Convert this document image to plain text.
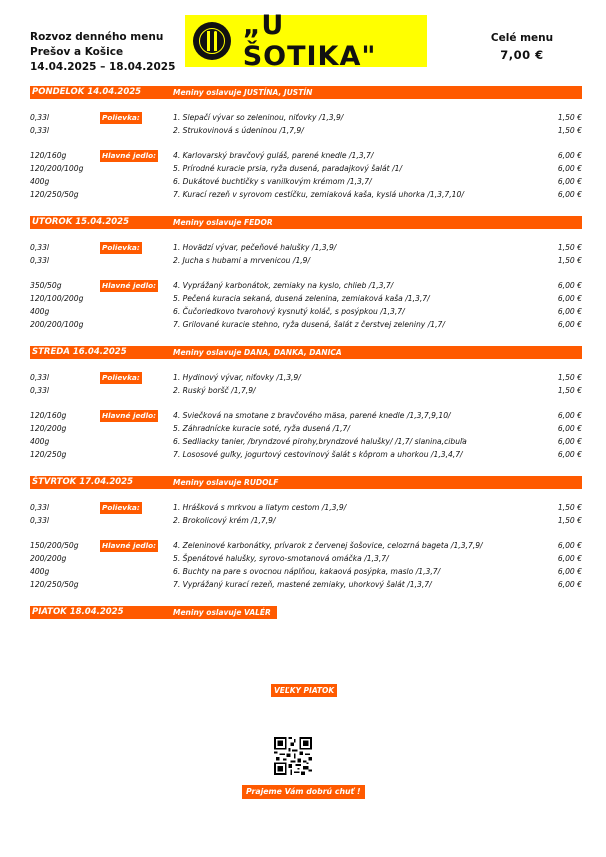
Rozvoz denného menu
Prešov a Košice
14.04.2025 – 18.04.2025
„U ŠOTIKA"
Celé menu
7,00 €
PONDELOK 14.04.2025	Meniny oslavuje JUSTÍNA, JUSTÍN
0,33l	Polievka:	1. Slepačí vývar so zeleninou, niťovky /1,3,9/	1,50 €
0,33l	2. Strukovinová s údeninou /1,7,9/	1,50 €
120/160g	Hlavné jedlo: 4. Karlovarský bravčový guláš, parené knedle /1,3,7/	6,00 €
120/200/100g	5. Prírodné kuracie prsia, ryža dusená, paradajkový šalát /1/	6,00 €
400g	6. Dukátové buchtičky s vanilkovým krémom /1,3,7/	6,00 €
120/250/50g	7. Kurací rezeň v syrovom cestíčku, zemiaková kaša, kyslá uhorka /1,3,7,10/	6,00 €
UTOROK 15.04.2025	Meniny oslavuje FEDOR
0,33l	Polievka:	1. Hovädzí vývar, pečeňové halušky /1,3,9/	1,50 €
0,33l	2. Jucha s hubami a mrvenicou /1,9/	1,50 €
350/50g	Hlavné jedlo: 4. Vyprážaný karbonátok, zemiaky na kyslo, chlieb /1,3,7/	6,00 €
120/100/200g	5. Pečená kuracia sekaná, dusená zelenina, zemiaková kaša /1,3,7/	6,00 €
400g	6. Čučoriedkovo tvarohový kysnutý koláč, s posýpkou /1,3,7/	6,00 €
200/200/100g	7. Grilované kuracie stehno, ryža dusená, šalát z čerstvej zeleniny /1,7/	6,00 €
STREDA 16.04.2025	Meniny oslavuje DANA, DANKA, DANICA
0,33l	Polievka:	1. Hydinový vývar, niťovky /1,3,9/	1,50 €
0,33l	2. Ruský boršč /1,7,9/	1,50 €
120/160g	Hlavné jedlo: 4. Sviečková na smotane z bravčového mäsa, parené knedle /1,3,7,9,10/	6,00 €
120/200g	5. Záhradnícke kuracie soté, ryža dusená /1,7/	6,00 €
400g	6. Sedliacky tanier, /bryndzové pirohy,bryndzové halušky/ /1,7/ slanina,cibuľa	6,00 €
120/250g	7. Lososové guľky, jogurtový cestovinový šalát s kôprom a uhorkou /1,3,4,7/	6,00 €
ŠTVRTOK 17.04.2025	Meniny oslavuje RUDOLF
0,33l	Polievka:	1. Hrášková s mrkvou a liatym cestom /1,3,9/	1,50 €
0,33l	2. Brokolicový krém /1,7,9/	1,50 €
150/200/50g	Hlavné jedlo: 4. Zeleninové karbonátky, prívarok z červenej šošovice, celozrná bageta /1,3,7,9/	6,00 €
200/200g	5. Špenátové halušky, syrovo-smotanová omáčka /1,3,7/	6,00 €
400g	6. Buchty na pare s ovocnou náplňou, kakaová posýpka, maslo /1,3,7/	6,00 €
120/250/50g	7. Vyprážaný kurací rezeň, mastené zemiaky, uhorkový šalát /1,3,7/	6,00 €
PIATOK 18.04.2025	Meniny oslavuje VALÉR
VEĽKY PIATOK
Prajeme Vám dobrú chuť !
